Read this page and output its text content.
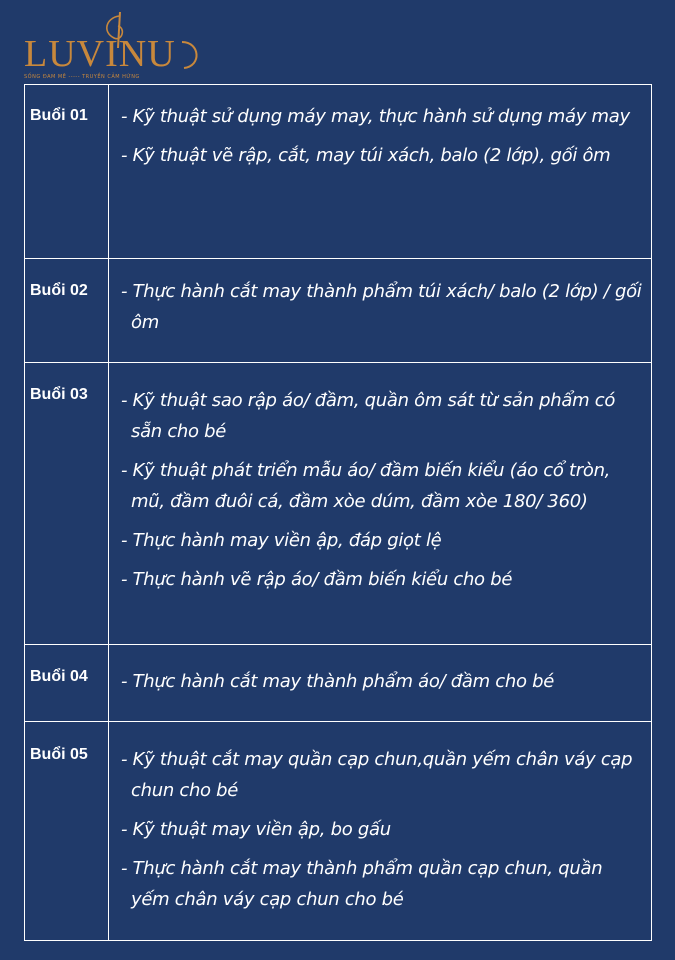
LUVINU
SỐNG ĐAM MÊ ----- TRUYỀN CẢM HỨNG
Buổi 01	- Kỹ thuật sử dụng máy may, thực hành sử dụng máy may
- Kỹ thuật vẽ rập, cắt, may túi xách, balo (2 lớp), gối ôm
Buổi 02	- Thực hành cắt may thành phẩm túi xách/ balo (2 lớp) / gối ôm
Buổi 03	- Kỹ thuật sao rập áo/ đầm, quần ôm sát từ sản phẩm có sẵn cho bé
- Kỹ thuật phát triển mẫu áo/ đầm biến kiểu (áo cổ tròn, mũ, đầm đuôi cá, đầm xòe dúm, đầm xòe 180/ 360)
- Thực hành may viền ập, đáp giọt lệ
- Thực hành vẽ rập áo/ đầm biến kiểu cho bé
Buổi 04	- Thực hành cắt may thành phẩm áo/ đầm cho bé
Buổi 05	- Kỹ thuật cắt may quần cạp chun,quần yếm chân váy cạp chun cho bé
- Kỹ thuật may viền ập, bo gấu
- Thực hành cắt may thành phẩm quần cạp chun, quần yếm chân váy cạp chun cho bé
